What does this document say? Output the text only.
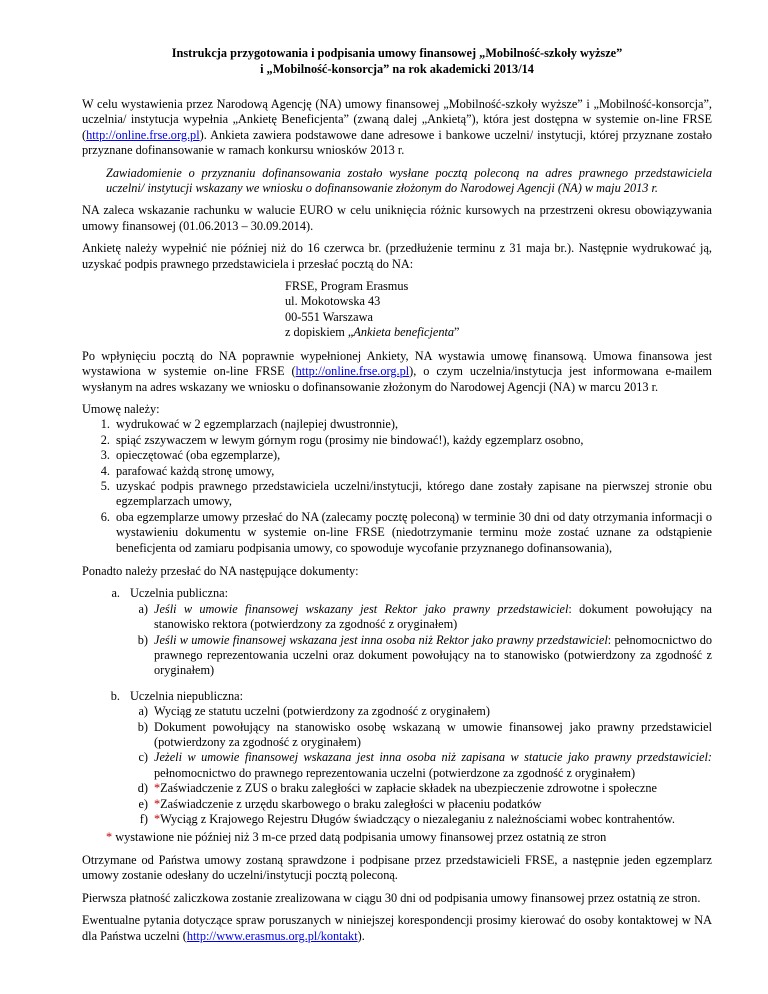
Instrukcja przygotowania i podpisania umowy finansowej „Mobilność-szkoły wyższe”
i „Mobilność-konsorcja” na rok akademicki 2013/14

W celu wystawienia przez Narodową Agencję (NA) umowy finansowej „Mobilność-szkoły wyższe” i „Mobilność-konsorcja”, uczelnia/ instytucja wypełnia „Ankietę Beneficjenta” (zwaną dalej „Ankietą”), która jest dostępna w systemie on-line FRSE (http://online.frse.org.pl). Ankieta zawiera podstawowe dane adresowe i bankowe uczelni/ instytucji, której przyznane zostało przyznane dofinansowanie w ramach konkursu wniosków 2013 r.

Zawiadomienie o przyznaniu dofinansowania zostało wysłane pocztą poleconą na adres prawnego przedstawiciela uczelni/ instytucji wskazany we wniosku o dofinansowanie złożonym do Narodowej Agencji (NA) w maju 2013 r.

NA zaleca wskazanie rachunku w walucie EURO w celu uniknięcia różnic kursowych na przestrzeni okresu obowiązywania umowy finansowej (01.06.2013 – 30.09.2014).

Ankietę należy wypełnić nie później niż do 16 czerwca br. (przedłużenie terminu z 31 maja br.). Następnie wydrukować ją, uzyskać podpis prawnego przedstawiciela i przesłać pocztą do NA:

FRSE, Program Erasmus
ul. Mokotowska 43
00-551 Warszawa
z dopiskiem „Ankieta beneficjenta”

Po wpłynięciu pocztą do NA poprawnie wypełnionej Ankiety, NA wystawia umowę finansową. Umowa finansowa jest wystawiona w systemie on-line FRSE (http://online.frse.org.pl), o czym uczelnia/instytucja jest informowana e-mailem wysłanym na adres wskazany we wniosku o dofinansowanie złożonym do Narodowej Agencji (NA) w marcu 2013 r.

Umowę należy:
1. wydrukować w 2 egzemplarzach (najlepiej dwustronnie),
2. spiąć zszywaczem w lewym górnym rogu (prosimy nie bindować!), każdy egzemplarz osobno,
3. opieczętować (oba egzemplarze),
4. parafować każdą stronę umowy,
5. uzyskać podpis prawnego przedstawiciela uczelni/instytucji, którego dane zostały zapisane na pierwszej stronie obu egzemplarzach umowy,
6. oba egzemplarze umowy przesłać do NA (zalecamy pocztę poleconą) w terminie 30 dni od daty otrzymania informacji o wystawieniu dokumentu w systemie on-line FRSE (niedotrzymanie terminu może zostać uznane za odstąpienie beneficjenta od zamiaru podpisania umowy, co spowoduje wycofanie przyznanego dofinansowania),

Ponadto należy przesłać do NA następujące dokumenty:

a. Uczelnia publiczna:
a) Jeśli w umowie finansowej wskazany jest Rektor jako prawny przedstawiciel: dokument powołujący na stanowisko rektora (potwierdzony za zgodność z oryginałem)
b) Jeśli w umowie finansowej wskazana jest inna osoba niż Rektor jako prawny przedstawiciel: pełnomocnictwo do prawnego reprezentowania uczelni oraz dokument powołujący na to stanowisko (potwierdzony za zgodność z oryginałem)
b. Uczelnia niepubliczna:
a) Wyciąg ze statutu uczelni (potwierdzony za zgodność z oryginałem)
b) Dokument powołujący na stanowisko osobę wskazaną w umowie finansowej jako prawny przedstawiciel (potwierdzony za zgodność z oryginałem)
c) Jeżeli w umowie finansowej wskazana jest inna osoba niż zapisana w statucie jako prawny przedstawiciel: pełnomocnictwo do prawnego reprezentowania uczelni (potwierdzone za zgodność z oryginałem)
d) *Zaświadczenie z ZUS o braku zaległości w zapłacie składek na ubezpieczenie zdrowotne i społeczne
e) *Zaświadczenie z urzędu skarbowego o braku zaległości w płaceniu podatków
f) *Wyciąg z Krajowego Rejestru Długów świadczący o niezaleganiu z należnościami wobec kontrahentów.
* wystawione nie później niż 3 m-ce przed datą podpisania umowy finansowej przez ostatnią ze stron

Otrzymane od Państwa umowy zostaną sprawdzone i podpisane przez przedstawicieli FRSE, a następnie jeden egzemplarz umowy zostanie odesłany do uczelni/instytucji pocztą poleconą.

Pierwsza płatność zaliczkowa zostanie zrealizowana w ciągu 30 dni od podpisania umowy finansowej przez ostatnią ze stron.

Ewentualne pytania dotyczące spraw poruszanych w niniejszej korespondencji prosimy kierować do osoby kontaktowej w NA dla Państwa uczelni (http://www.erasmus.org.pl/kontakt).
